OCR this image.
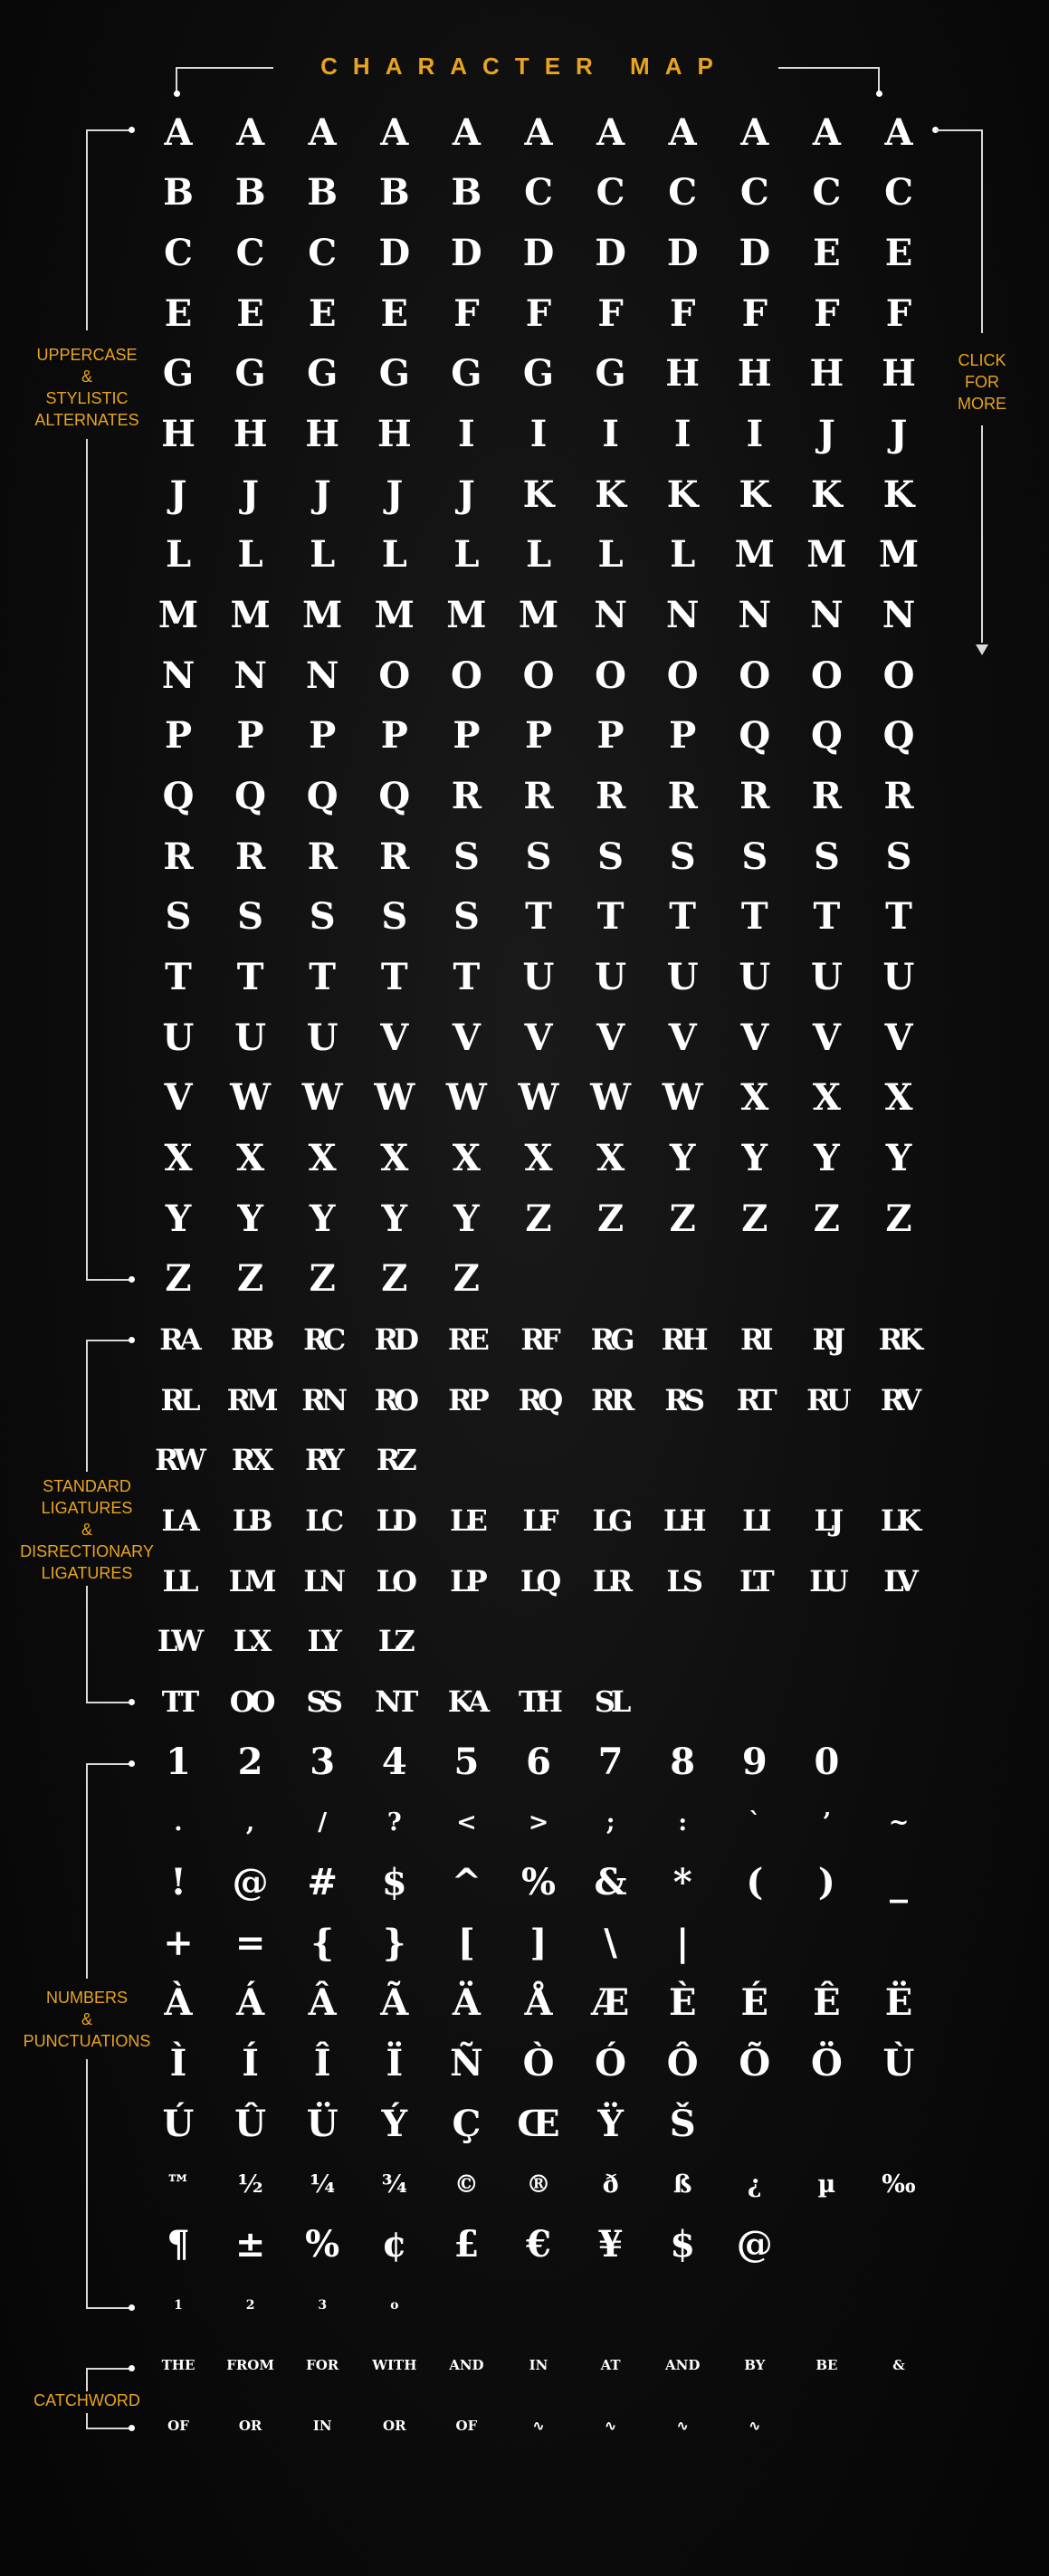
CHARACTER MAP
CLICK
FOR
MORE
UPPERCASE
&
STYLISTIC
ALTERNATES
STANDARD
LIGATURES
&
DISRECTIONARY
LIGATURES
NUMBERS
&
PUNCTUATIONS
CATCHWORD
A	A	A	A	A	A	A	A	A	A	A
B	B	B	B	B	C	C	C	C	C	C
C	C	C	D	D	D	D	D	D	E	E
E	E	E	E	F	F	F	F	F	F	F
G	G	G	G	G	G	G	H	H	H	H
H	H	H	H	I	I	I	I	I	J	J
J	J	J	J	J	K	K	K	K	K	K
L	L	L	L	L	L	L	L	M M M
M M M M M M N	N	N	N	N
N	N	N	O	O	O	O	O	O	O	O
P	P	P	P	P	P	P	P	Q	Q	Q
Q	Q	Q	Q	R	R	R	R	R	R	R
R	R	R	R	S	S	S	S	S	S	S
S	S	S	S	S	T	T	T	T	T	T
T	T	T	T	T	U	U	U	U	U	U
U	U	U	V	V	V	V	V	V	V	V
V	W W W W W W W	X	X	X
X	X	X	X	X	X	X	Y	Y	Y	Y
Y	Y	Y	Y	Y	Z	Z	Z	Z	Z	Z
Z	Z	Z	Z	Z
RA	RB	RC	RD	RE	RF	RG	RH	RI	RJ	RK
RL	RM RN	RO	RP	RQ	RR	RS	RT	RU	RV
RW	RX	RY	RZ
LA	LB	LC	LD	LE	LF	LG	LH	LI	LJ	LK
LL	LM	LN	LO	LP	LQ	LR	LS	LT	LU	LV
LW	LX	LY	LZ
TT	OO	SS	NT	KA	TH	SL
1	2	3	4	5	6	7	8	9	0
.	,	/	?	<	>	;	:	`	’	~
!	@	#	$	^	%	&	*	(	)	_
+	=	{	}	[	]	\	|
À	Á	Â	Ã	Ä	Å	Æ	È	É	Ê	Ë
Ì	Í	Î	Ï	Ñ	Ò	Ó	Ô	Õ	Ö	Ù
Ú	Û	Ü	Ý	Ç	Œ	Ÿ	Š
™	½	¼	¾	©	®	ð	ß	¿	µ	‰
¶	±	%	¢	£	€	¥	$	@
1	2	3	o
THE	FROM	FOR	WITH	AND	IN	AT	AND	BY	BE	&
OF	OR	IN	OR	OF	∿	∿	∿	∿
